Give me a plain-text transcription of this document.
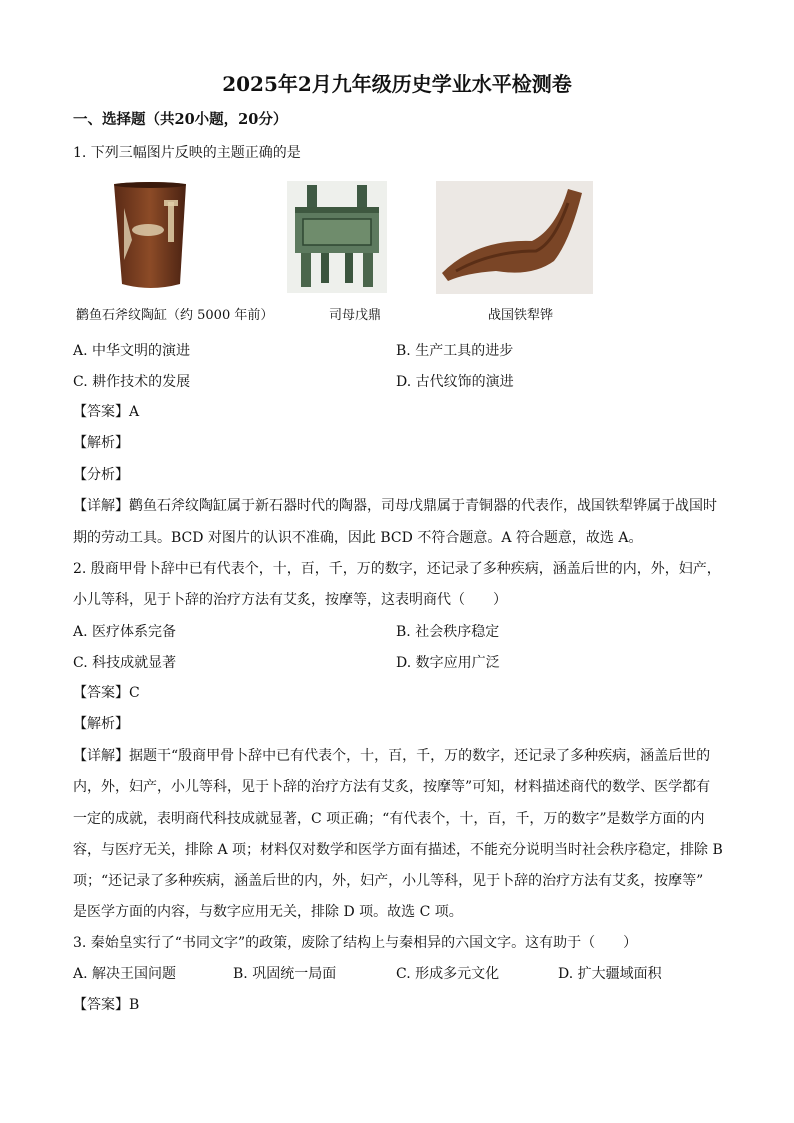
2025年2月九年级历史学业水平检测卷
一、选择题（共20小题，20分）
1. 下列三幅图片反映的主题正确的是
鹳鱼石斧纹陶缸（约 5000 年前）	司母戊鼎	战国铁犁铧
A. 中华文明的演进	B. 生产工具的进步
C. 耕作技术的发展	D. 古代纹饰的演进
【答案】A
【解析】
【分析】
【详解】鹳鱼石斧纹陶缸属于新石器时代的陶器，司母戊鼎属于青铜器的代表作，战国铁犁铧属于战国时
期的劳动工具。BCD 对图片的认识不准确，因此 BCD 不符合题意。A 符合题意，故选 A。
2. 殷商甲骨卜辞中已有代表个，十，百，千，万的数字，还记录了多种疾病，涵盖后世的内，外，妇产，
小儿等科，见于卜辞的治疗方法有艾炙，按摩等，这表明商代（　　）
A. 医疗体系完备	B. 社会秩序稳定
C. 科技成就显著	D. 数字应用广泛
【答案】C
【解析】
【详解】据题干“殷商甲骨卜辞中已有代表个，十，百，千，万的数字，还记录了多种疾病，涵盖后世的
内，外，妇产，小儿等科，见于卜辞的治疗方法有艾炙，按摩等”可知，材料描述商代的数学、医学都有
一定的成就，表明商代科技成就显著，C 项正确；“有代表个，十，百，千，万的数字”是数学方面的内
容，与医疗无关，排除 A 项；材料仅对数学和医学方面有描述，不能充分说明当时社会秩序稳定，排除 B
项；“还记录了多种疾病，涵盖后世的内，外，妇产，小儿等科，见于卜辞的治疗方法有艾炙，按摩等”
是医学方面的内容，与数字应用无关，排除 D 项。故选 C 项。
3. 秦始皇实行了“书同文字”的政策，废除了结构上与秦相异的六国文字。这有助于（　　）
A. 解决王国问题	B. 巩固统一局面	C. 形成多元文化	D. 扩大疆域面积
【答案】B
